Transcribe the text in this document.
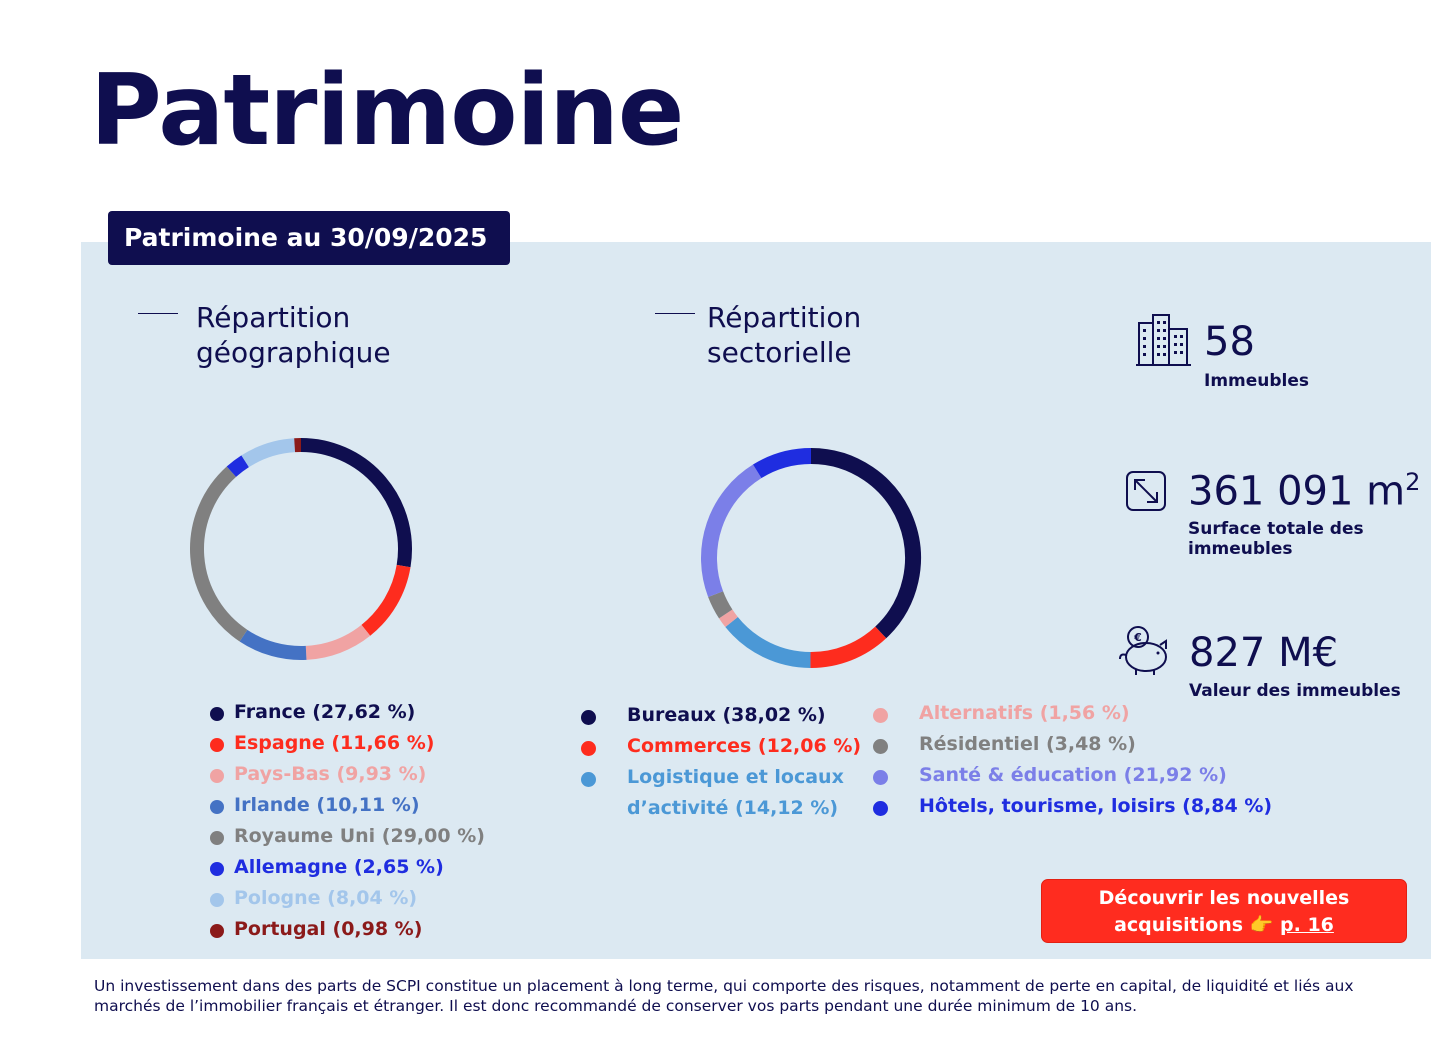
Patrimoine
Patrimoine au 30/09/2025
Répartition
géographique
France (27,62 %)
Espagne (11,66 %)
Pays-Bas (9,93 %)
Irlande (10,11 %)
Royaume Uni (29,00 %)
Allemagne (2,65 %)
Pologne (8,04 %)
Portugal (0,98 %)
Répartition
sectorielle
Bureaux (38,02 %)
Commerces (12,06 %)
Logistique et locaux d’activité (14,12 %)
Alternatifs (1,56 %)
Résidentiel (3,48 %)
Santé & éducation (21,92 %)
Hôtels, tourisme, loisirs (8,84 %)
58
Immeubles
361 091 $m^2$
Surface totale des immeubles
€ 827 M€
Valeur des immeubles
Découvrir les nouvelles
acquisitions 👉 p. 16

Un investissement dans des parts de SCPI constitue un placement à long terme, qui comporte des risques, notamment de perte en capital, de liquidité et liés aux marchés de l’immobilier français et étranger. Il est donc recommandé de conserver vos parts pendant une durée minimum de 10 ans.
